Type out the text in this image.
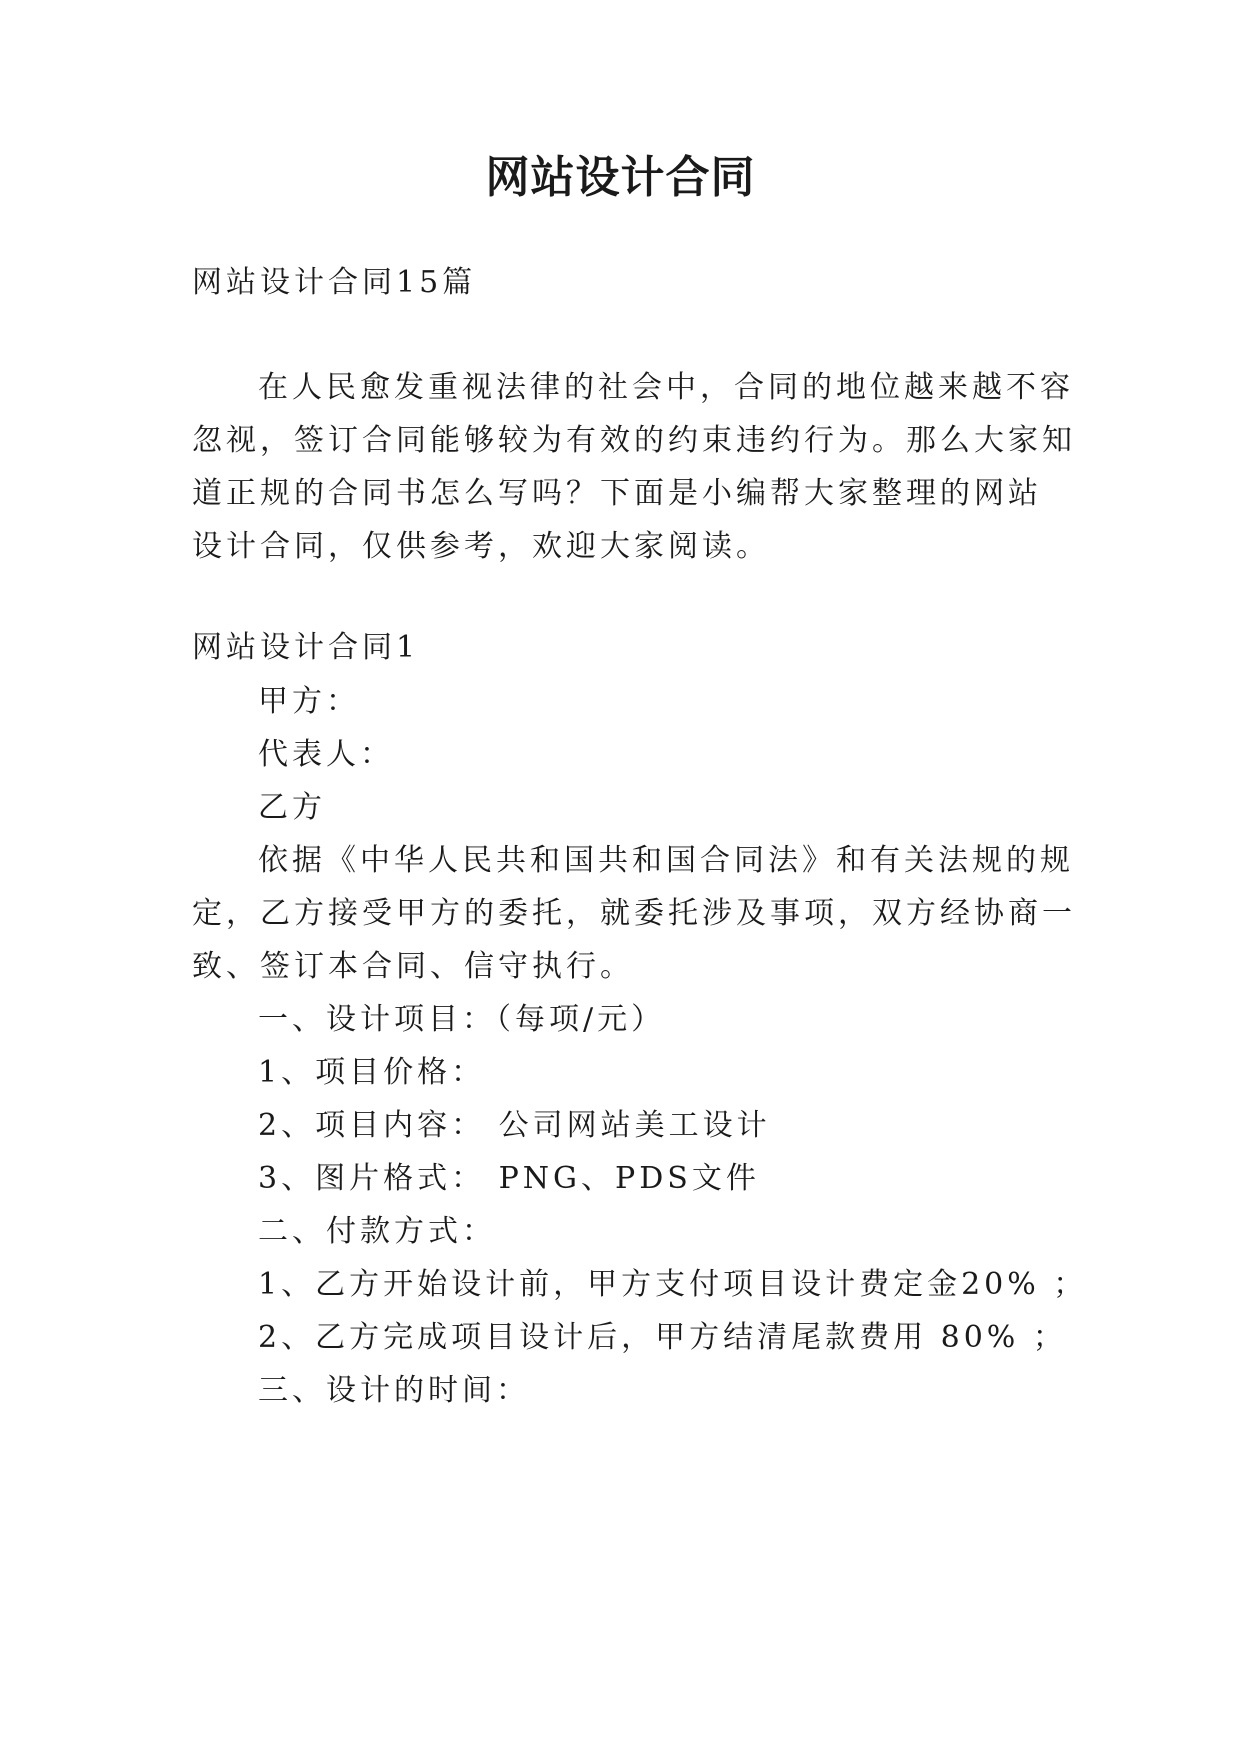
网站设计合同
网站设计合同15篇
在人民愈发重视法律的社会中，合同的地位越来越不容
忽视，签订合同能够较为有效的约束违约行为。那么大家知
道正规的合同书怎么写吗？下面是小编帮大家整理的网站
设计合同，仅供参考，欢迎大家阅读。
网站设计合同1
甲方：
代表人：
乙方
依据《中华人民共和国共和国合同法》和有关法规的规
定，乙方接受甲方的委托，就委托涉及事项，双方经协商一
致、签订本合同、信守执行。
一、设计项目：（每项/元）
1、项目价格：
2、项目内容： 公司网站美工设计
3、图片格式： PNG、PDS文件
二、付款方式：
1、乙方开始设计前，甲方支付项目设计费定金20% ；
2、乙方完成项目设计后，甲方结清尾款费用 80% ；
三、设计的时间：
